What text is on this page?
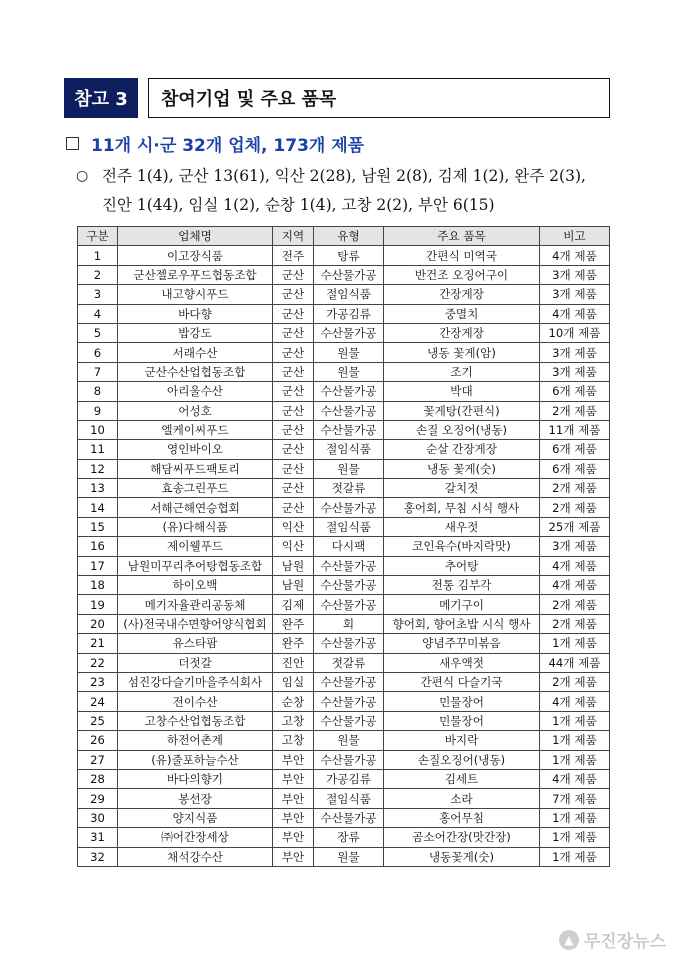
참고 3	참여기업 및 주요 품목
11개 시·군 32개 업체, 173개 제품
○ 전주 1(4), 군산 13(61), 익산 2(28), 남원 2(8), 김제 1(2), 완주 2(3),
진안 1(44), 임실 1(2), 순창 1(4), 고창 2(2), 부안 6(15)
구분	업체명	지역	유형	주요 품목	비고
1	이고장식품	전주	탕류	간편식 미역국	4개 제품
2	군산젤로우푸드협동조합	군산	수산물가공	반건조 오징어구이	3개 제품
3	내고향시푸드	군산	절임식품	간장게장	3개 제품
4	바다향	군산	가공김류	중멸치	4개 제품
5	밥강도	군산	수산물가공	간장게장	10개 제품
6	서래수산	군산	원물	냉동 꽃게(암)	3개 제품
7	군산수산업협동조합	군산	원물	조기	3개 제품
8	아리울수산	군산	수산물가공	박대	6개 제품
9	어성호	군산	수산물가공	꽃게탕(간편식)	2개 제품
10	엘케이씨푸드	군산	수산물가공	손질 오징어(냉동)	11개 제품
11	영인바이오	군산	절임식품	순살 간장게장	6개 제품
12	해담씨푸드팩토리	군산	원물	냉동 꽃게(숫)	6개 제품
13	효송그린푸드	군산	젓갈류	갈치젓	2개 제품
14	서해근해연승협회	군산	수산물가공	홍어회, 무침 시식 행사	2개 제품
15	(유)다해식품	익산	절임식품	새우젓	25개 제품
16	제이웰푸드	익산	다시팩	코인육수(바지락맛)	3개 제품
17	남원미꾸리추어탕협동조합	남원	수산물가공	추어탕	4개 제품
18	하이오백	남원	수산물가공	전통 김부각	4개 제품
19	메기자율관리공동체	김제	수산물가공	메기구이	2개 제품
20	(사)전국내수면향어양식협회	완주	회	향어회, 향어초밥 시식 행사	2개 제품
21	유스타팜	완주	수산물가공	양념주꾸미볶음	1개 제품
22	더젓갈	진안	젓갈류	새우액젓	44개 제품
23	섬진강다슬기마을주식회사	임실	수산물가공	간편식 다슬기국	2개 제품
24	전이수산	순창	수산물가공	민물장어	4개 제품
25	고창수산업협동조합	고창	수산물가공	민물장어	1개 제품
26	하전어촌계	고창	원물	바지락	1개 제품
27	(유)줄포하늘수산	부안	수산물가공	손질오징어(냉동)	1개 제품
28	바다의향기	부안	가공김류	김세트	4개 제품
29	봉선장	부안	절임식품	소라	7개 제품
30	양지식품	부안	수산물가공	홍어무침	1개 제품
31	㈜어간장세상	부안	장류	곰소어간장(맛간장)	1개 제품
32	채석강수산	부안	원물	냉동꽃게(숫)	1개 제품
▲ 무진장뉴스
